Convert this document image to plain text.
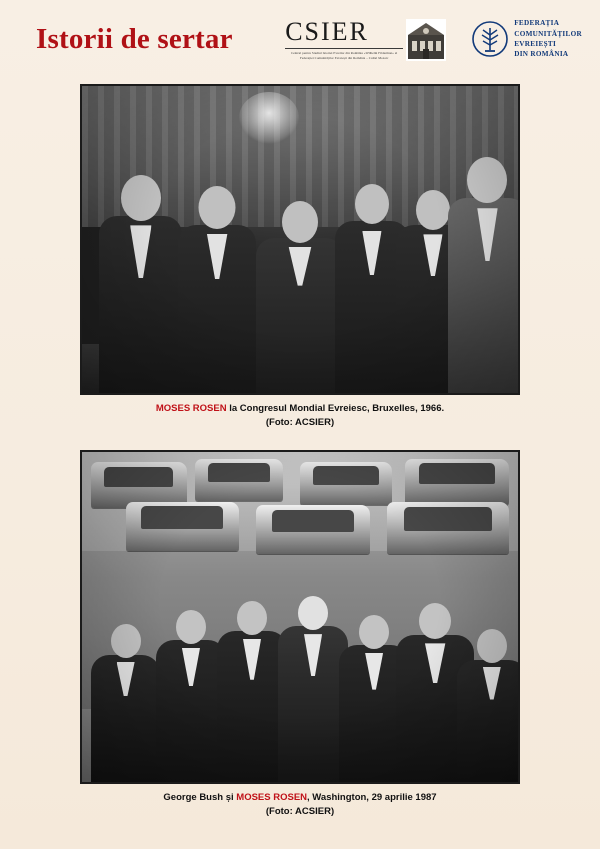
Istorii de sertar CSIER
Centrul pentru Studiul Istoriei Evreilor din România «Wilhelm Filderman» al Federației Comunităților Evreiești din România – Cultul Mozaic
FEDERAȚIA
COMUNITĂȚILOR
EVREIEȘTI
DIN ROMÂNIA
MOSES ROSEN la Congresul Mondial Evreiesc, Bruxelles, 1966.
(Foto: ACSIER)
George Bush și MOSES ROSEN, Washington, 29 aprilie 1987
(Foto: ACSIER)
